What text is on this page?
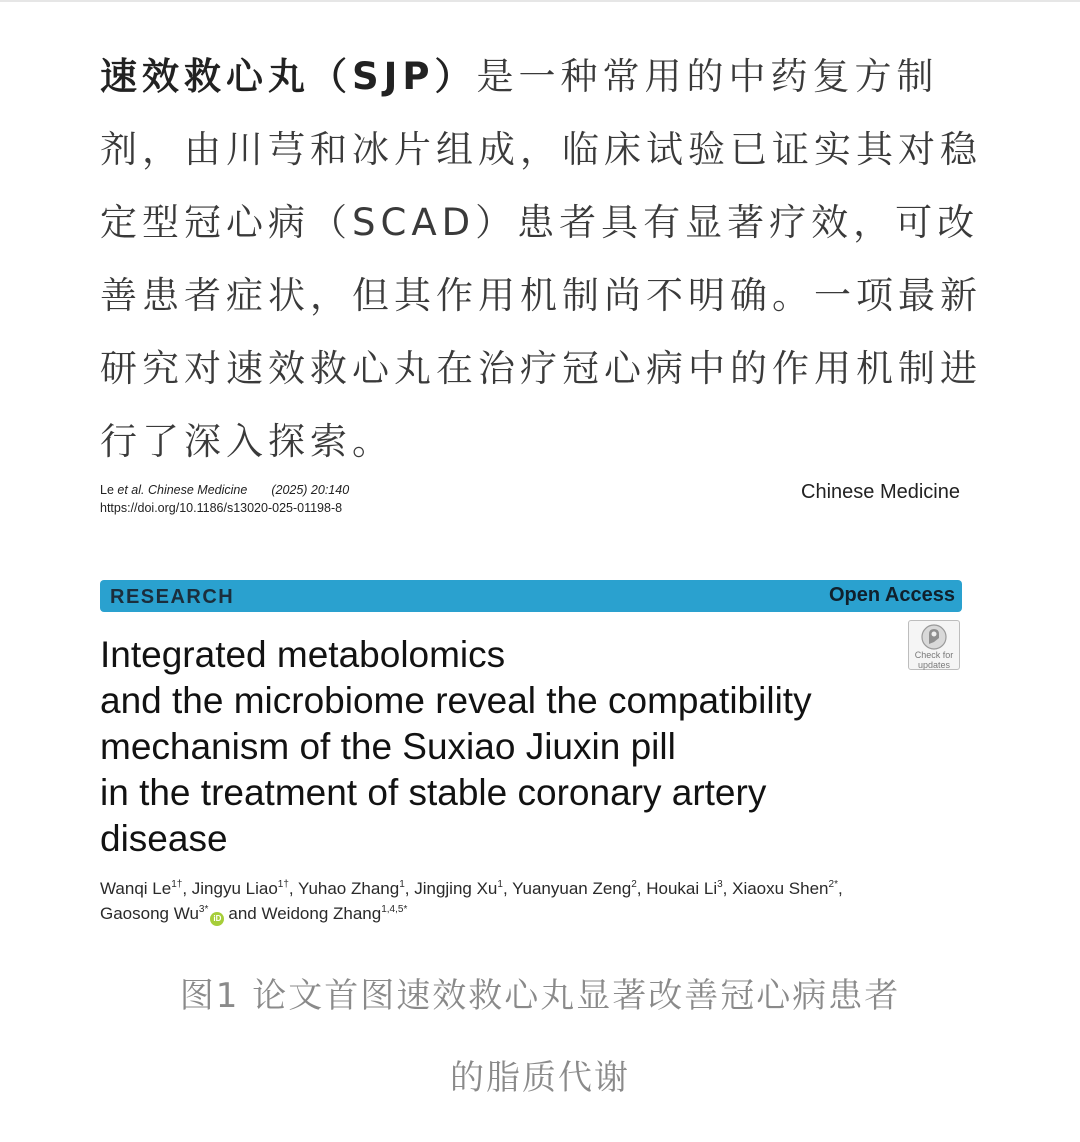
速效救心丸（SJP）是一种常用的中药复方制剂，由川芎和冰片组成，临床试验已证实其对稳定型冠心病（SCAD）患者具有显著疗效，可改善患者症状，但其作用机制尚不明确。一项最新研究对速效救心丸在治疗冠心病中的作用机制进行了深入探索。
Le et al. Chinese Medicine (2025) 20:140
https://doi.org/10.1186/s13020-025-01198-8
Chinese Medicine
RESEARCH	Open Access
Check for
updates
Integrated metabolomics
and the microbiome reveal the compatibility
mechanism of the Suxiao Jiuxin pill
in the treatment of stable coronary artery
disease
Wanqi $Le^{1\dagger}$, Jingyu Liao$^{1\dagger}$, Yuhao Zhang$^1$, Jingjing Xu$^1$, Yuanyuan Zeng$^2$, Houkai Li$^3$, Xiaoxu Shen$^{2*}$,
Gaosong $Wu^{3*}iD$ and Weidong Zhang$^{1,4,5*}$
图1 论文首图速效救心丸显著改善冠心病患者
的脂质代谢
